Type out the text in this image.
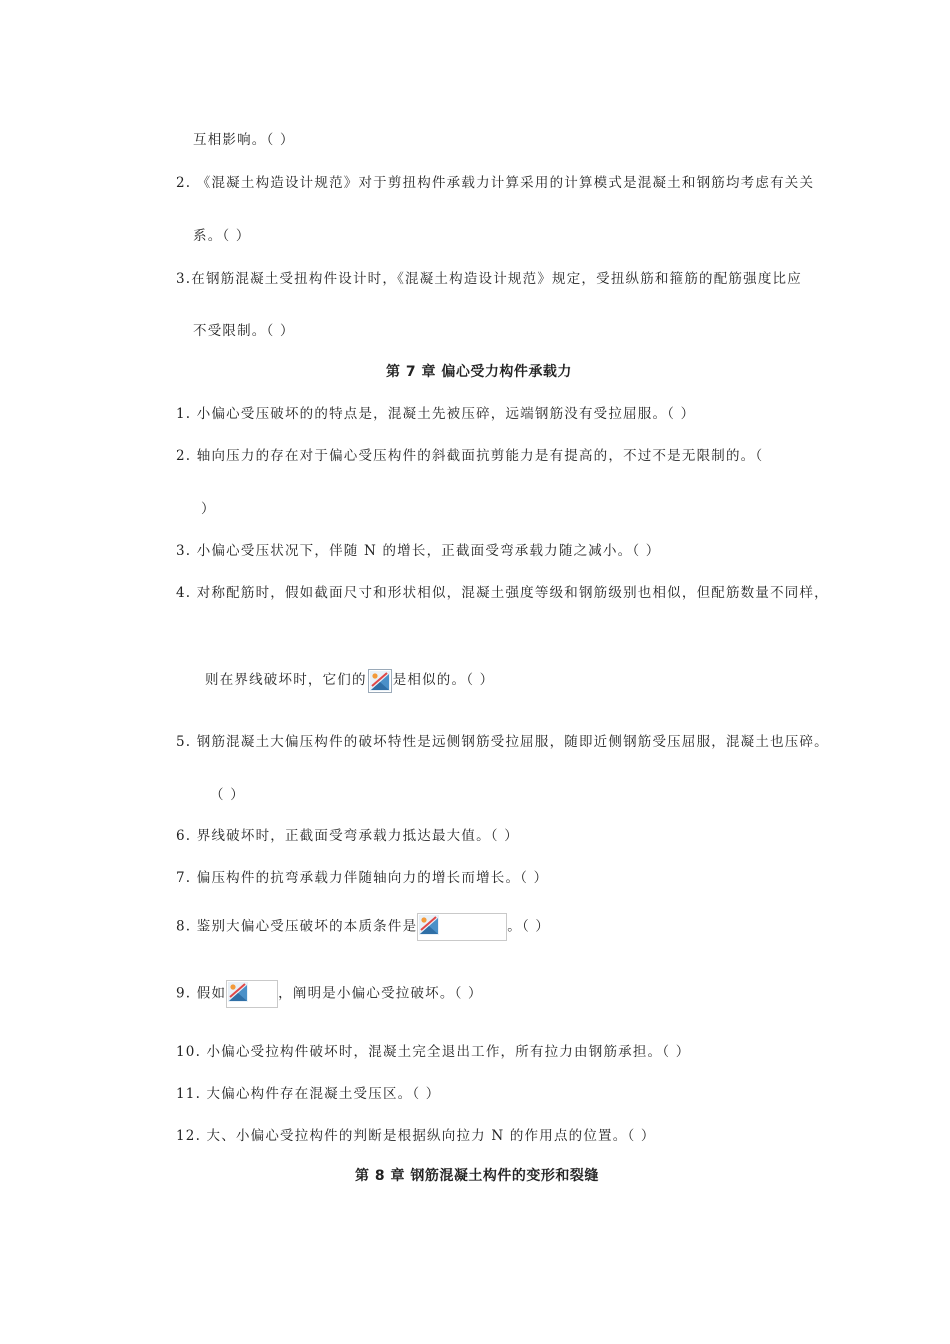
互相影响。（ ）
2. 《混凝土构造设计规范》对于剪扭构件承载力计算采用的计算模式是混凝土和钢筋均考虑有关关
系。（ ）
3.在钢筋混凝土受扭构件设计时，《混凝土构造设计规范》规定，受扭纵筋和箍筋的配筋强度比应
不受限制。（ ）
第 7 章 偏心受力构件承载力
1. 小偏心受压破坏的的特点是，混凝土先被压碎，远端钢筋没有受拉屈服。（ ）
2. 轴向压力的存在对于偏心受压构件的斜截面抗剪能力是有提高的，不过不是无限制的。（
）
3. 小偏心受压状况下，伴随 N 的增长，正截面受弯承载力随之减小。（ ）
4. 对称配筋时，假如截面尺寸和形状相似，混凝土强度等级和钢筋级别也相似，但配筋数量不同样，
则在界线破坏时，它们的 是相似的。（ ）
5. 钢筋混凝土大偏压构件的破坏特性是远侧钢筋受拉屈服，随即近侧钢筋受压屈服，混凝土也压碎。
（ ）
6. 界线破坏时，正截面受弯承载力抵达最大值。（ ）
7. 偏压构件的抗弯承载力伴随轴向力的增长而增长。（ ）
8. 鉴别大偏心受压破坏的本质条件是	。（ ）
9. 假如	，阐明是小偏心受拉破坏。（ ）
10. 小偏心受拉构件破坏时，混凝土完全退出工作，所有拉力由钢筋承担。（ ）
11. 大偏心构件存在混凝土受压区。（ ）
12. 大、小偏心受拉构件的判断是根据纵向拉力 N 的作用点的位置。（ ）
第 8 章 钢筋混凝土构件的变形和裂缝
